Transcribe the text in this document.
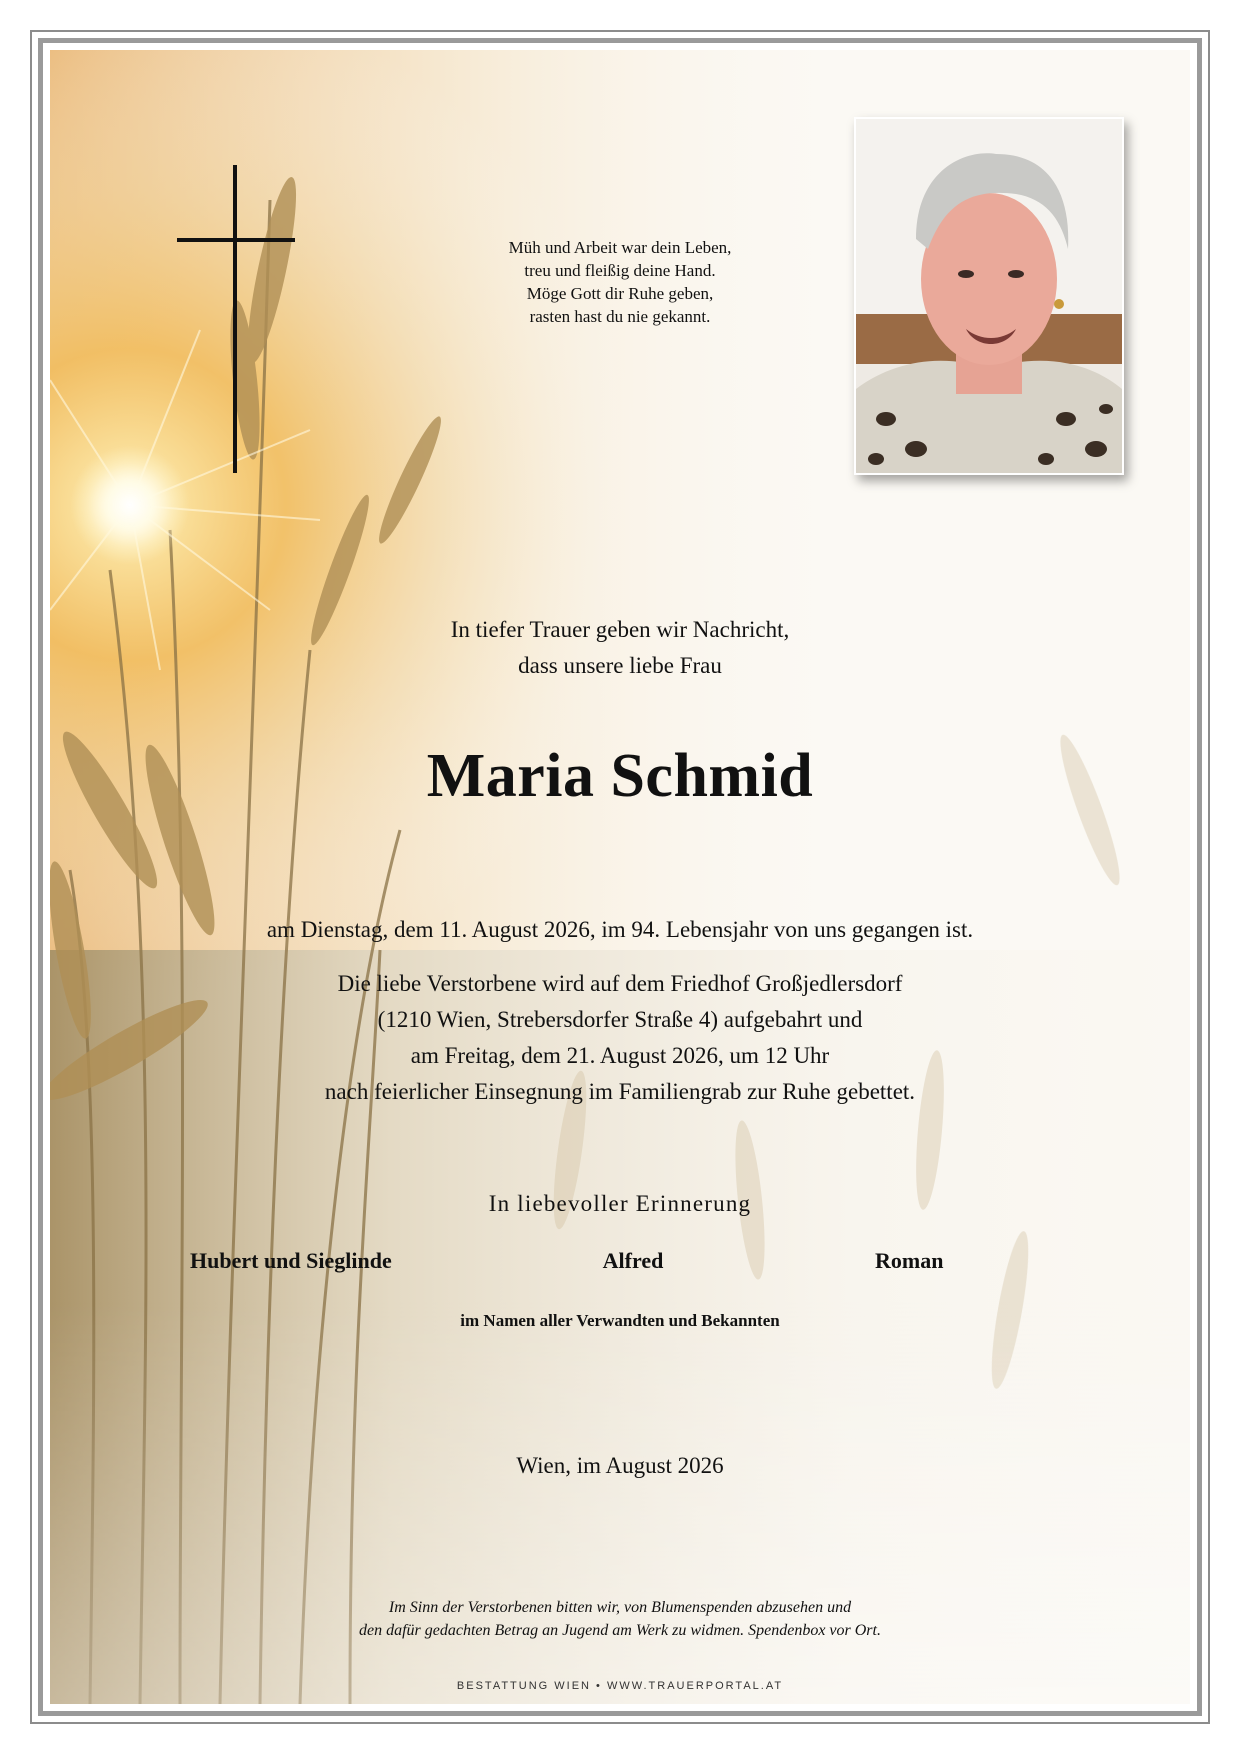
Müh und Arbeit war dein Leben,
treu und fleißig deine Hand.
Möge Gott dir Ruhe geben,
rasten hast du nie gekannt.
In tiefer Trauer geben wir Nachricht,
dass unsere liebe Frau
Maria Schmid
am Dienstag, dem 11. August 2026, im 94. Lebensjahr von uns gegangen ist.
Die liebe Verstorbene wird auf dem Friedhof Großjedlersdorf
(1210 Wien, Strebersdorfer Straße 4) aufgebahrt und
am Freitag, dem 21. August 2026, um 12 Uhr
nach feierlicher Einsegnung im Familiengrab zur Ruhe gebettet.
In liebevoller Erinnerung
Hubert und Sieglinde	Alfred	Roman
im Namen aller Verwandten und Bekannten
Wien, im August 2026
Im Sinn der Verstorbenen bitten wir, von Blumenspenden abzusehen und
den dafür gedachten Betrag an Jugend am Werk zu widmen. Spendenbox vor Ort.
BESTATTUNG WIEN • WWW.TRAUERPORTAL.AT
